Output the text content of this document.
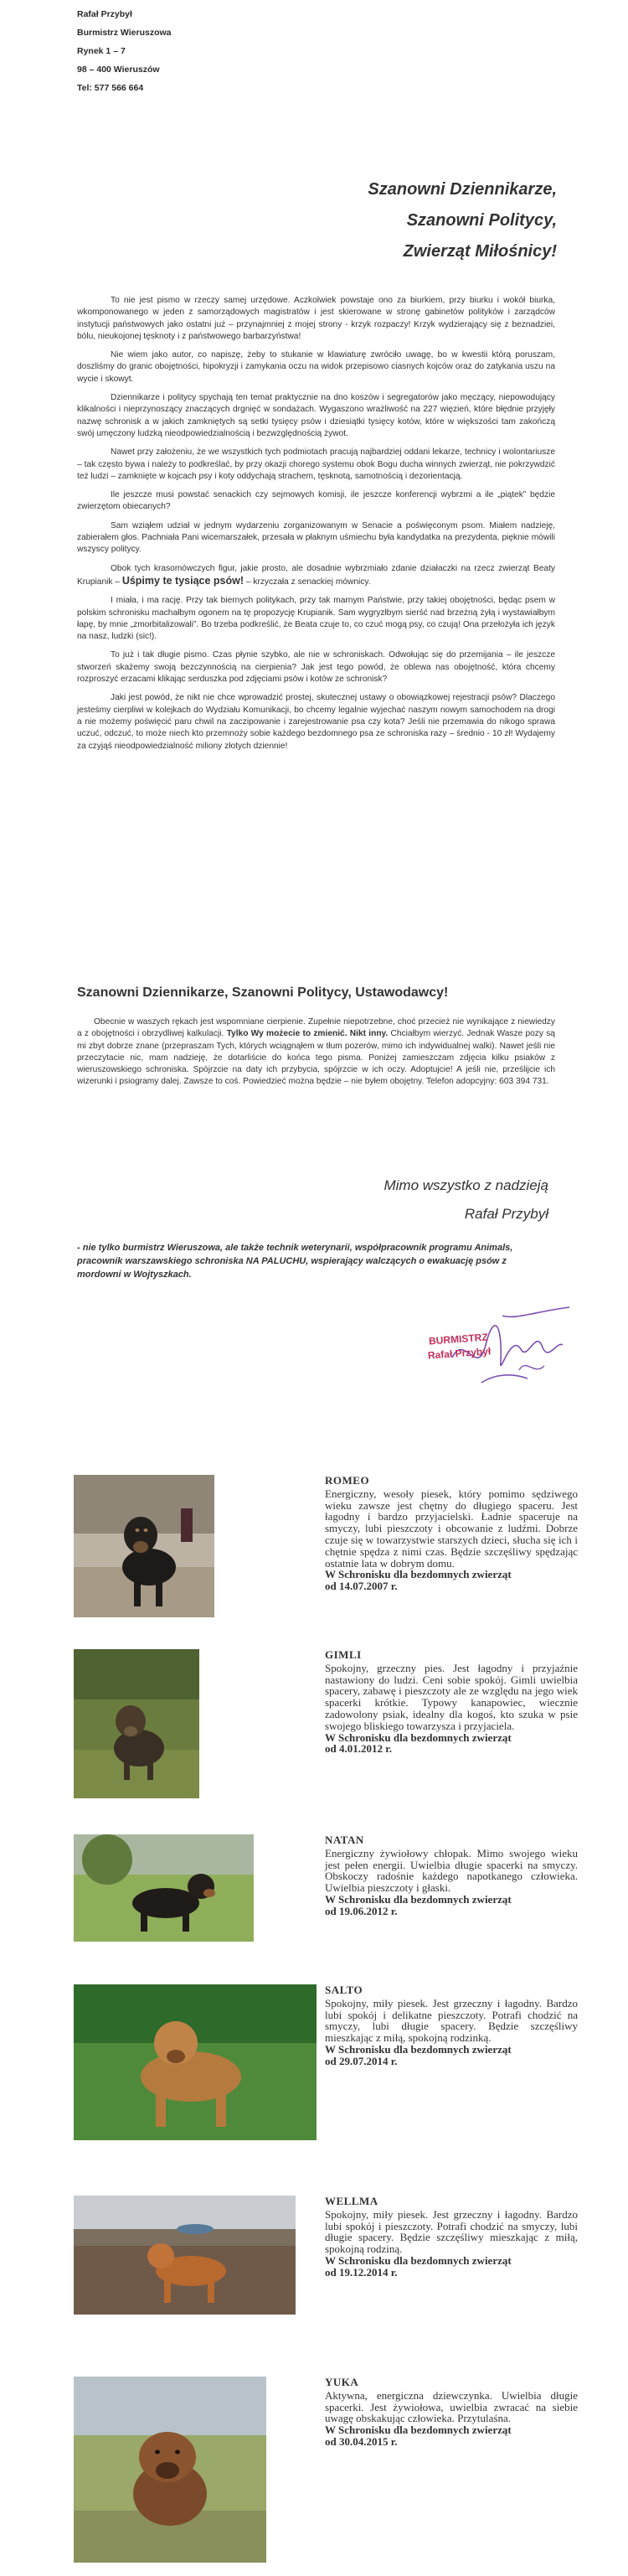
Rafał Przybył
Burmistrz Wieruszowa
Rynek 1 – 7
98 – 400 Wieruszów
Tel: 577 566 664
Szanowni Dziennikarze,
Szanowni Politycy,
Zwierząt Miłośnicy!

To nie jest pismo w rzeczy samej urzędowe. Aczkolwiek powstaje ono za biurkiem, przy biurku i wokół biurka, wkomponowanego w jeden z samorządowych magistratów i jest skierowane w stronę gabinetów polityków i zarządców instytucji państwowych jako ostatni już – przynajmniej z mojej strony - krzyk rozpaczy! Krzyk wydzierający się z beznadziei, bólu, nieukojonej tęsknoty i z państwowego barbarzyństwa!

Nie wiem jako autor, co napiszę, żeby to stukanie w klawiaturę zwróciło uwagę, bo w kwestii którą poruszam, doszliśmy do granic obojętności, hipokryzji i zamykania oczu na widok przepisowo ciasnych kojców oraz do zatykania uszu na wycie i skowyt.

Dziennikarze i politycy spychają ten temat praktycznie na dno koszów i segregatorów jako męczący, niepowodujący klikalności i nieprzynoszący znaczących drgnięć w sondażach. Wygaszono wrażliwość na 227 więzień, które błędnie przyjęły nazwę schronisk a w jakich zamkniętych są setki tysięcy psów i dziesiątki tysięcy kotów, które w większości tam zakończą swój umęczony ludzką nieodpowiedzialnością i bezwzględnością żywot.

Nawet przy założeniu, że we wszystkich tych podmiotach pracują najbardziej oddani lekarze, technicy i wolontariusze – tak często bywa i należy to podkreślać, by przy okazji chorego systemu obok Bogu ducha winnych zwierząt, nie pokrzywdzić też ludzi – zamknięte w kojcach psy i koty oddychają strachem, tęsknotą, samotnością i dezorientacją.

Ile jeszcze musi powstać senackich czy sejmowych komisji, ile jeszcze konferencji wybrzmi a ile „piątek” będzie zwierzętom obiecanych?

Sam wziąłem udział w jednym wydarzeniu zorganizowanym w Senacie a poświęconym psom. Miałem nadzieję, zabierałem głos. Pachniała Pani wicemarszałek, przesała w płaknym uśmiechu była kandydatka na prezydenta, pięknie mówili wszyscy politycy.

Obok tych krasomówczych figur, jakie prosto, ale dosadnie wybrzmiało zdanie działaczki na rzecz zwierząt Beaty Krupianik – Uśpimy te tysiące psów! – krzyczała z senackiej mównicy.

I miała, i ma rację. Przy tak biernych politykach, przy tak marnym Państwie, przy takiej obojętności, będąc psem w polskim schronisku machałbym ogonem na tę propozycję Krupianik. Sam wygryzłbym sierść nad brzeżną żyłą i wystawiałbym łapę, by mnie „zmorbitalizowali”. Bo trzeba podkreślić, że Beata czuje to, co czuć mogą psy, co czują! Ona przełożyła ich język na nasz, ludzki (sic!).

To już i tak długie pismo. Czas płynie szybko, ale nie w schroniskach. Odwołując się do przemijania – ile jeszcze stworzeń skażemy swoją bezczynnością na cierpienia? Jak jest tego powód, że oblewa nas obojętność, która chcemy rozproszyć erzacami klikając serduszka pod zdjęciami psów i kotów ze schronisk?

Jaki jest powód, że nikt nie chce wprowadzić prostej, skutecznej ustawy o obowiązkowej rejestracji psów? Dlaczego jesteśmy cierpliwi w kolejkach do Wydziału Komunikacji, bo chcemy legalnie wyjechać naszym nowym samochodem na drogi a nie możemy poświęcić paru chwil na zaczipowanie i zarejestrowanie psa czy kota? Jeśli nie przemawia do nikogo sprawa uczuć, odczuć, to może niech kto przemnoży sobie każdego bezdomnego psa ze schroniska razy – średnio - 10 zł! Wydajemy za czyjąś nieodpowiedzialność miliony złotych dziennie!

Szanowni Dziennikarze, Szanowni Politycy, Ustawodawcy!

Obecnie w waszych rękach jest wspomniane cierpienie. Zupełnie niepotrzebne, choć przecież nie wynikające z niewiedzy a z obojętności i obrzydliwej kalkulacji. Tylko Wy możecie to zmienić. Nikt inny. Chciałbym wierzyć. Jednak Wasze pozy są mi zbyt dobrze znane (przepraszam Tych, których wciągnąłem w tłum pozerów, mimo ich indywidualnej walki). Nawet jeśli nie przeczytacie nic, mam nadzieję, że dotarliście do końca tego pisma. Poniżej zamieszczam zdjęcia kilku psiaków z wieruszowskiego schroniska. Spójrzcie na daty ich przybycia, spójrzcie w ich oczy. Adoptujcie! A jeśli nie, prześlijcie ich wizerunki i psiogramy dalej. Zawsze to coś. Powiedzieć można będzie – nie byłem obojętny. Telefon adopcyjny: 603 394 731.

Mimo wszystko z nadzieją
Rafał Przybył
- nie tylko burmistrz Wieruszowa, ale także technik weterynarii, współpracownik programu Animals, pracownik warszawskiego schroniska NA PALUCHU, wspierający walczących o ewakuację psów z mordowni w Wojtyszkach.
BURMISTRZ
Rafał Przybył
ROMEO
Energiczny, wesoły piesek, który pomimo sędziwego wieku zawsze jest chętny do długiego spaceru. Jest łagodny i bardzo przyjacielski. Ładnie spaceruje na smyczy, lubi pieszczoty i obcowanie z ludźmi. Dobrze czuje się w towarzystwie starszych dzieci, słucha się ich i chętnie spędza z nimi czas. Będzie szczęśliwy spędzając ostatnie lata w dobrym domu.
W Schronisku dla bezdomnych zwierząt
od 14.07.2007 r.
GIMLI
Spokojny, grzeczny pies. Jest łagodny i przyjaźnie nastawiony do ludzi. Ceni sobie spokój. Gimli uwielbia spacery, zabawę i pieszczoty ale ze względu na jego wiek spacerki krótkie. Typowy kanapowiec, wiecznie zadowolony psiak, idealny dla kogoś, kto szuka w psie swojego bliskiego towarzysza i przyjaciela.
W Schronisku dla bezdomnych zwierząt
od 4.01.2012 r.
NATAN
Energiczny żywiołowy chłopak. Mimo swojego wieku jest pełen energii. Uwielbia długie spacerki na smyczy. Obskoczy radośnie każdego napotkanego człowieka. Uwielbia pieszczoty i głaski.
W Schronisku dla bezdomnych zwierząt
od 19.06.2012 r.
SALTO
Spokojny, miły piesek. Jest grzeczny i łagodny. Bardzo lubi spokój i delikatne pieszczoty. Potrafi chodzić na smyczy, lubi długie spacery. Będzie szczęśliwy mieszkając z miłą, spokojną rodzinką.
W Schronisku dla bezdomnych zwierząt
od 29.07.2014 r.
WELLMA
Spokojny, miły piesek. Jest grzeczny i łagodny. Bardzo lubi spokój i pieszczoty. Potrafi chodzić na smyczy, lubi długie spacery. Będzie szczęśliwy mieszkając z miłą, spokojną rodziną.
W Schronisku dla bezdomnych zwierząt
od 19.12.2014 r.
YUKA
Aktywna, energiczna dziewczynka. Uwielbia długie spacerki. Jest żywiołowa, uwielbia zwracać na siebie uwagę obskakując człowieka. Przytulaśna.
W Schronisku dla bezdomnych zwierząt
od 30.04.2015 r.
